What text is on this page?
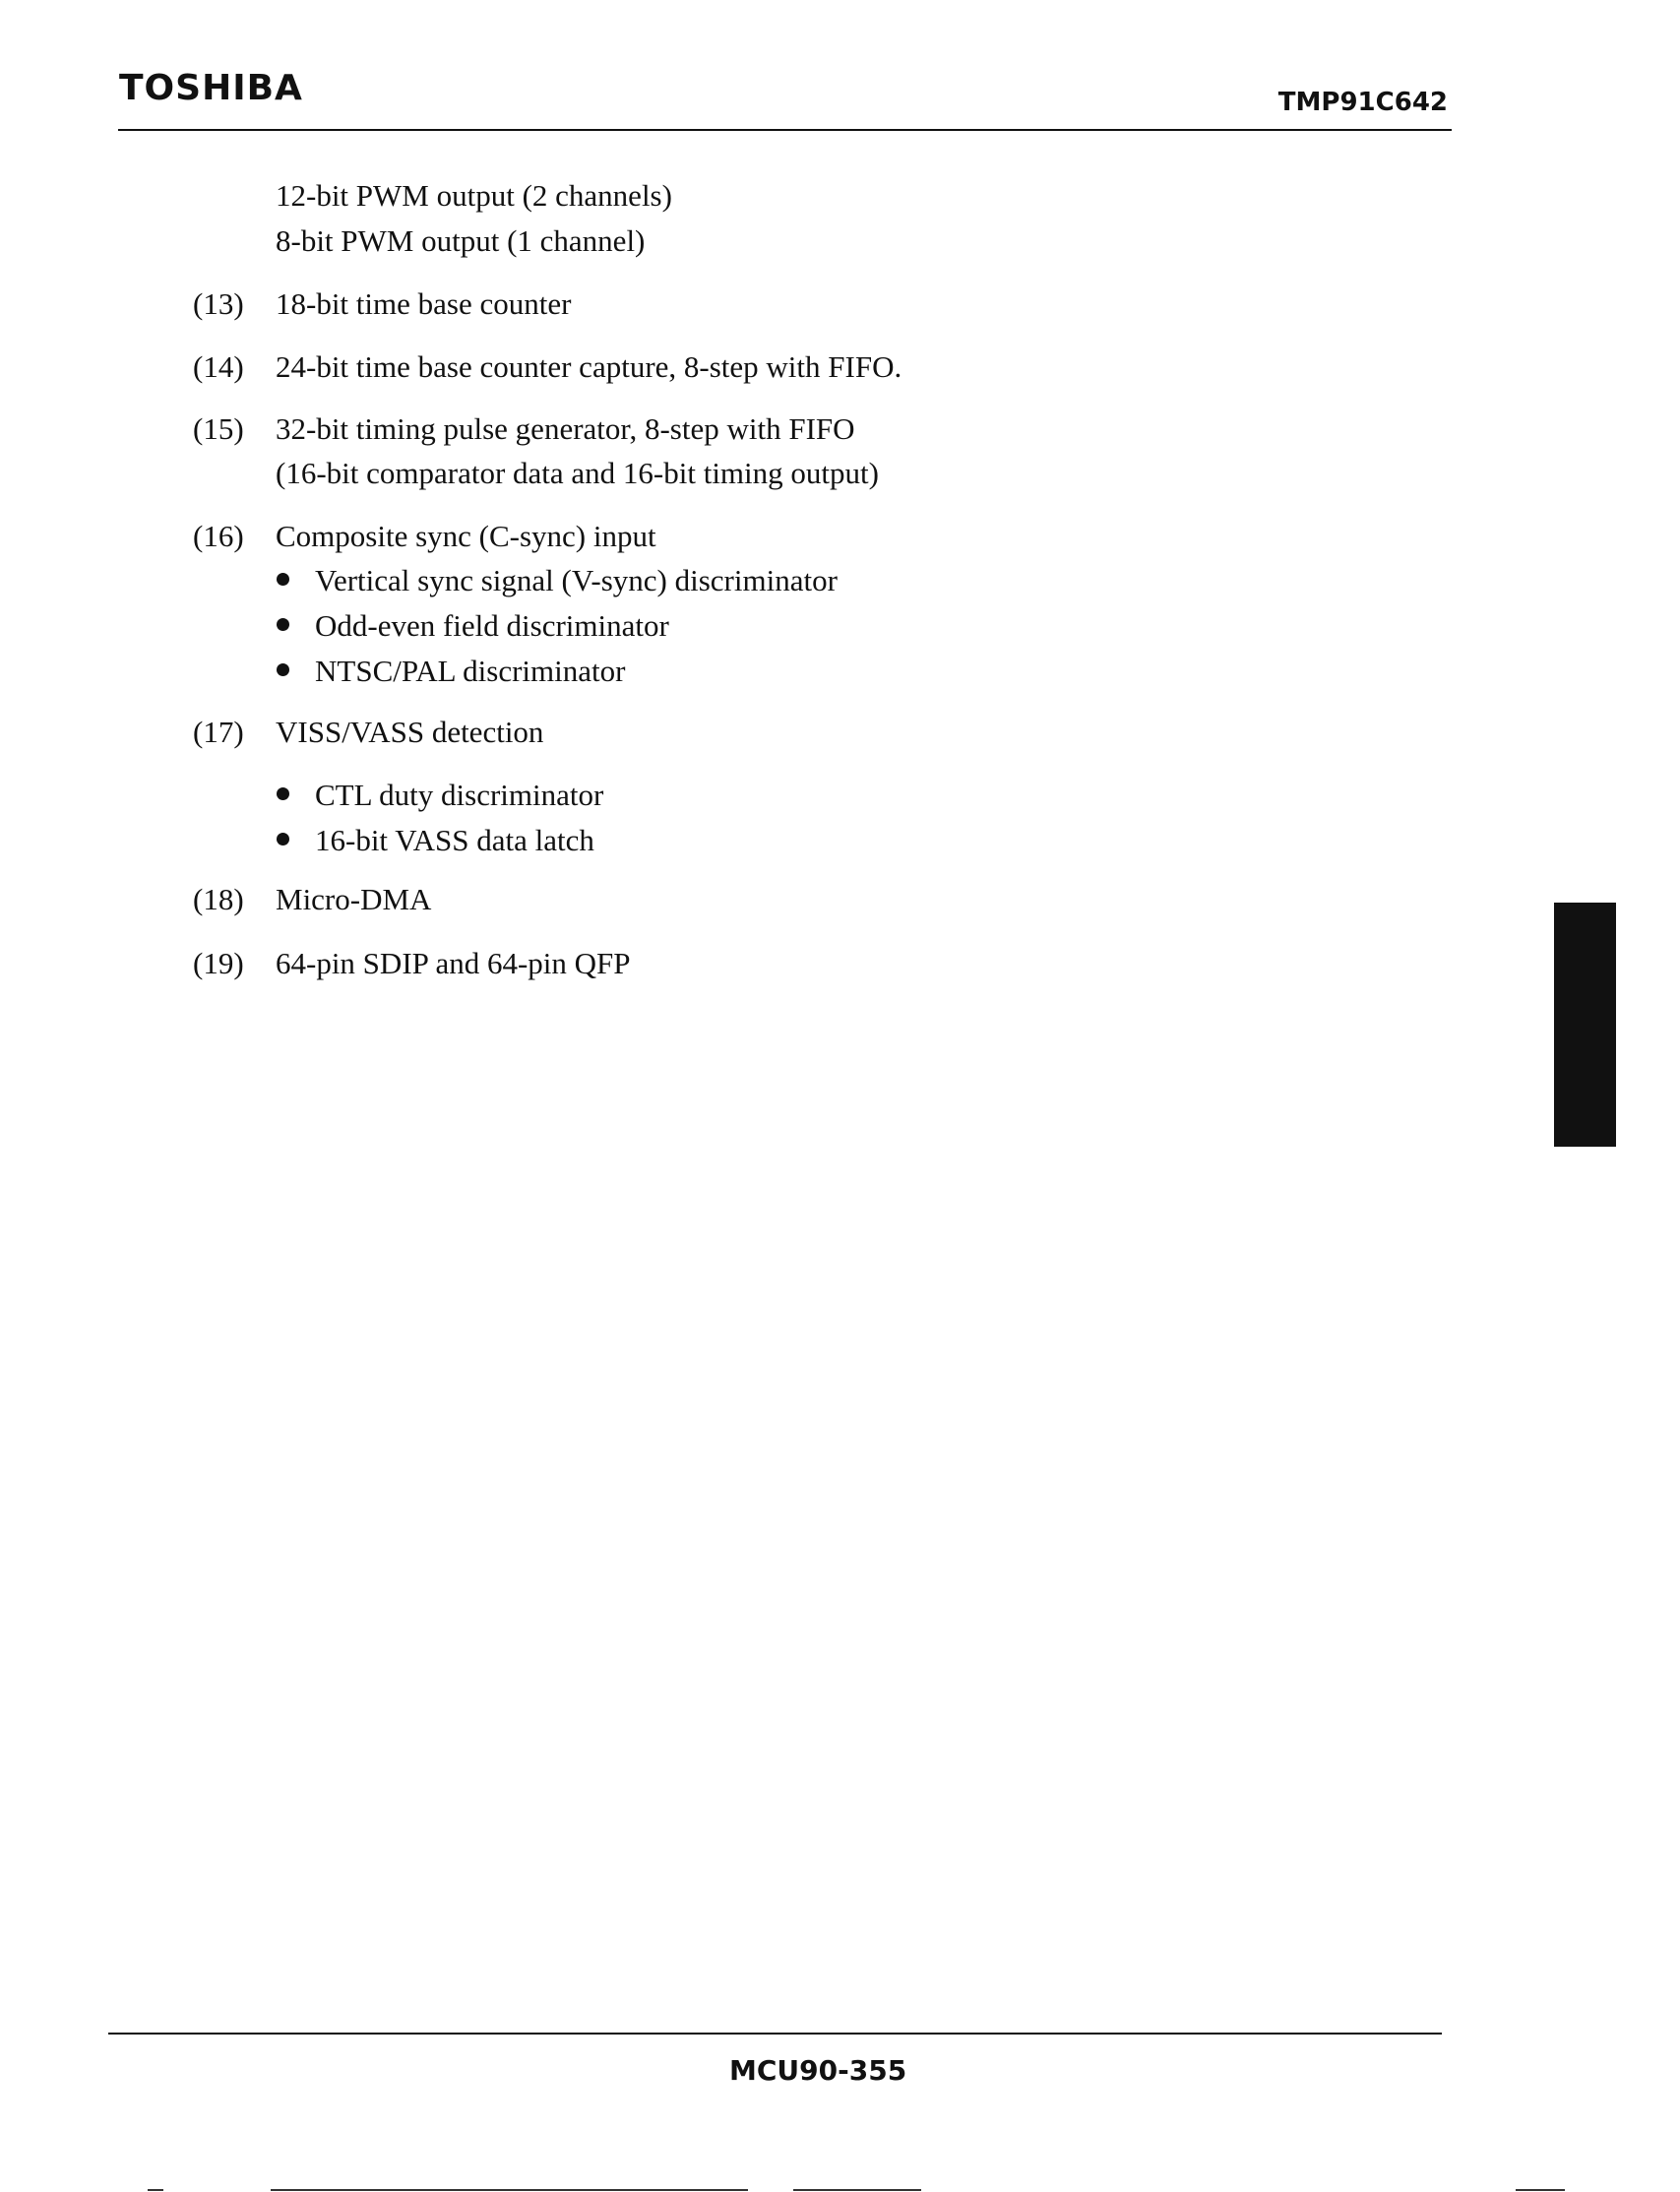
TOSHIBA	TMP91C642
12-bit PWM output (2 channels)
8-bit PWM output (1 channel)
(13) 18-bit time base counter
(14) 24-bit time base counter capture, 8-step with FIFO.
(15) 32-bit timing pulse generator, 8-step with FIFO
(16-bit comparator data and 16-bit timing output)
(16) Composite sync (C-sync) input
Vertical sync signal (V-sync) discriminator
Odd-even field discriminator
NTSC/PAL discriminator
(17) VISS/VASS detection
CTL duty discriminator
16-bit VASS data latch
(18) Micro-DMA
(19) 64-pin SDIP and 64-pin QFP
MCU90-355
